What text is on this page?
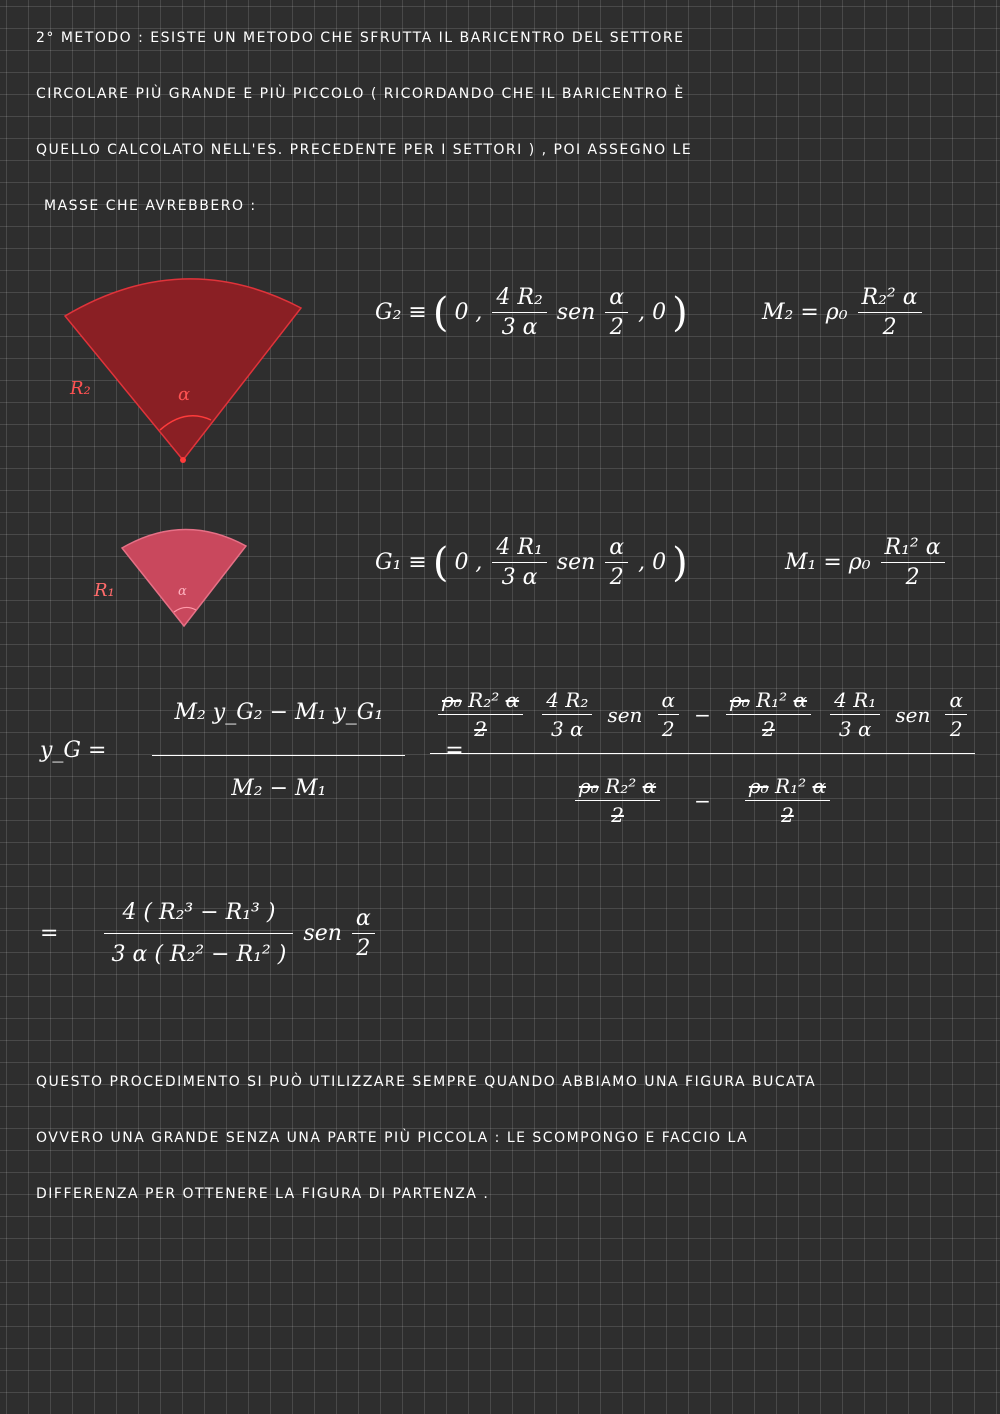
2° METODO : ESISTE UN METODO CHE SFRUTTA IL BARICENTRO DEL SETTORE
CIRCOLARE PIÙ GRANDE E PIÙ PICCOLO ( RICORDANDO CHE IL BARICENTRO È
QUELLO CALCOLATO NELL'ES. PRECEDENTE PER I SETTORI ) , POI ASSEGNO LE
MASSE CHE AVREBBERO :
R₂	α
R₁	α
G₂ ≡ ( 0 , $\frac{\text{4 R₂}}{3 \alpha}$ sen $\frac{\alpha}{2}$ , 0 )	$M_2 = \rho_0 \frac{\text{R₂² α}}{2}$
G₁ ≡ ( 0 , $\frac{\text{4 R₁}}{3 \alpha}$ sen $\frac{\alpha}{2}$ , 0 )	$M_1 = \rho_0 \frac{\text{R₁² α}}{2}$
y_G = $\frac{\text{M₂ y\_G₂ − M₁ y\_G₁}}{\text{M₂ − M₁}}$ =
$\frac{\text{ρ₀ R₂² α}}{2} \frac{\text{4 R₂}}{3 \alpha}$ sen $\frac{\alpha}{2} - \frac{\text{ρ₀ R₁² α}}{2} \frac{\text{4 R₁}}{3 \alpha}$ sen $\frac{\alpha}{2}$
$\frac{\text{ρ₀ R₂² α}}{2} - \frac{\text{ρ₀ R₁² α}}{2}$
= $\frac{\text{4 ( R₂³ − R₁³ )}}{\text{3 α ( R₂² − R₁² )}}$ sen $\frac{\alpha}{2}$
QUESTO PROCEDIMENTO SI PUÒ UTILIZZARE SEMPRE QUANDO ABBIAMO UNA FIGURA BUCATA
OVVERO UNA GRANDE SENZA UNA PARTE PIÙ PICCOLA : LE SCOMPONGO E FACCIO LA
DIFFERENZA PER OTTENERE LA FIGURA DI PARTENZA .
